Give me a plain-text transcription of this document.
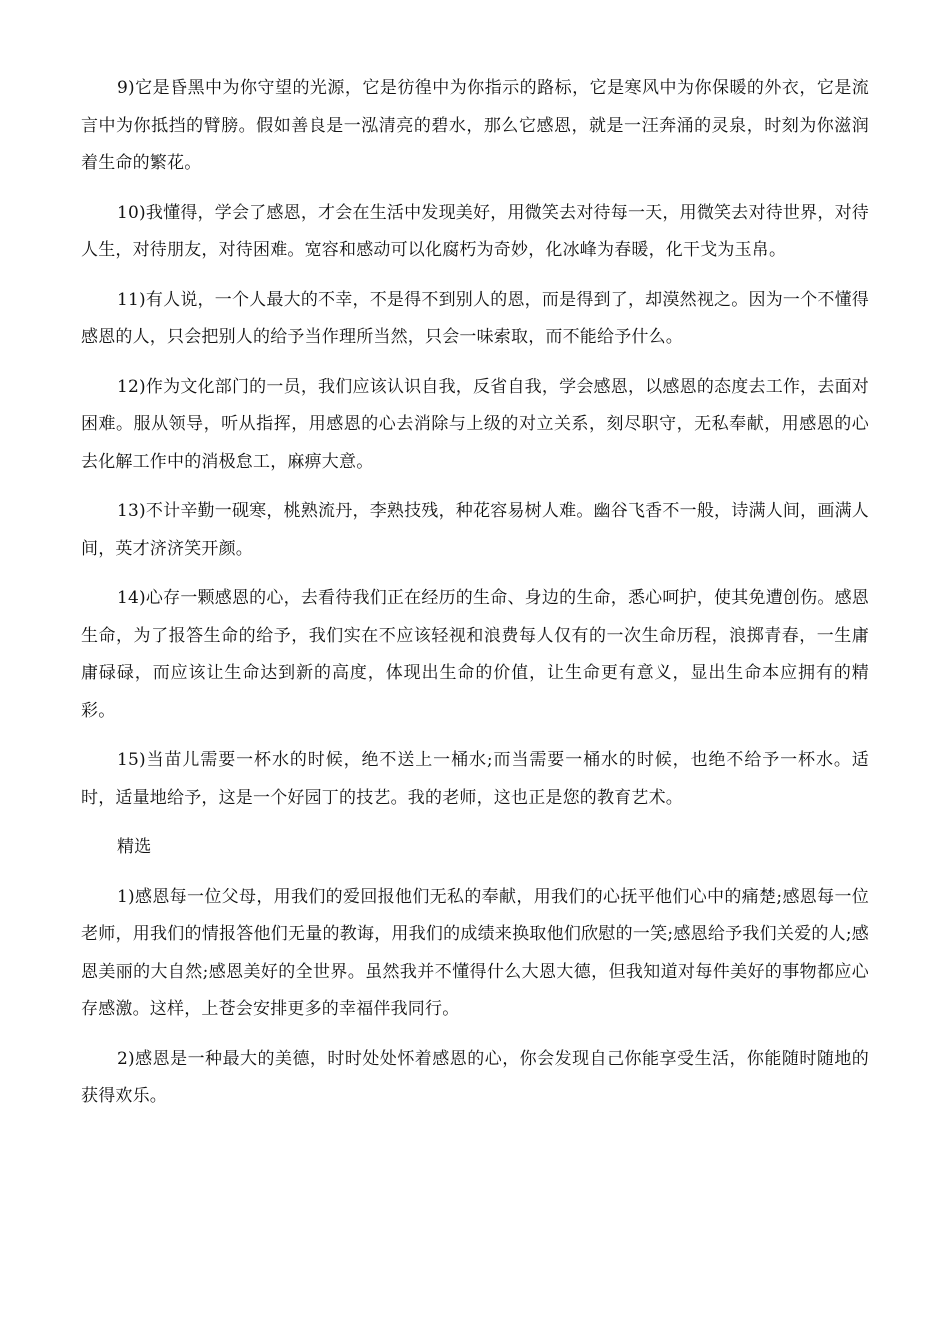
9)它是昏黑中为你守望的光源，它是彷徨中为你指示的路标，它是寒风中为你保暖的外衣，它是流言中为你抵挡的臂膀。假如善良是一泓清亮的碧水，那么它感恩，就是一汪奔涌的灵泉，时刻为你滋润着生命的繁花。

10)我懂得，学会了感恩，才会在生活中发现美好，用微笑去对待每一天，用微笑去对待世界，对待人生，对待朋友，对待困难。宽容和感动可以化腐朽为奇妙，化冰峰为春暖，化干戈为玉帛。

11)有人说，一个人最大的不幸，不是得不到别人的恩，而是得到了，却漠然视之。因为一个不懂得感恩的人，只会把别人的给予当作理所当然，只会一味索取，而不能给予什么。

12)作为文化部门的一员，我们应该认识自我，反省自我，学会感恩，以感恩的态度去工作，去面对困难。服从领导，听从指挥，用感恩的心去消除与上级的对立关系，刻尽职守，无私奉献，用感恩的心去化解工作中的消极怠工，麻痹大意。

13)不计辛勤一砚寒，桃熟流丹，李熟技残，种花容易树人难。幽谷飞香不一般，诗满人间，画满人间，英才济济笑开颜。

14)心存一颗感恩的心，去看待我们正在经历的生命、身边的生命，悉心呵护，使其免遭创伤。感恩生命，为了报答生命的给予，我们实在不应该轻视和浪费每人仅有的一次生命历程，浪掷青春，一生庸庸碌碌，而应该让生命达到新的高度，体现出生命的价值，让生命更有意义，显出生命本应拥有的精彩。

15)当苗儿需要一杯水的时候，绝不送上一桶水;而当需要一桶水的时候，也绝不给予一杯水。适时，适量地给予，这是一个好园丁的技艺。我的老师，这也正是您的教育艺术。

精选

1)感恩每一位父母，用我们的爱回报他们无私的奉献，用我们的心抚平他们心中的痛楚;感恩每一位老师，用我们的情报答他们无量的教诲，用我们的成绩来换取他们欣慰的一笑;感恩给予我们关爱的人;感恩美丽的大自然;感恩美好的全世界。虽然我并不懂得什么大恩大德，但我知道对每件美好的事物都应心存感激。这样，上苍会安排更多的幸福伴我同行。

2)感恩是一种最大的美德，时时处处怀着感恩的心，你会发现自己你能享受生活，你能随时随地的获得欢乐。
